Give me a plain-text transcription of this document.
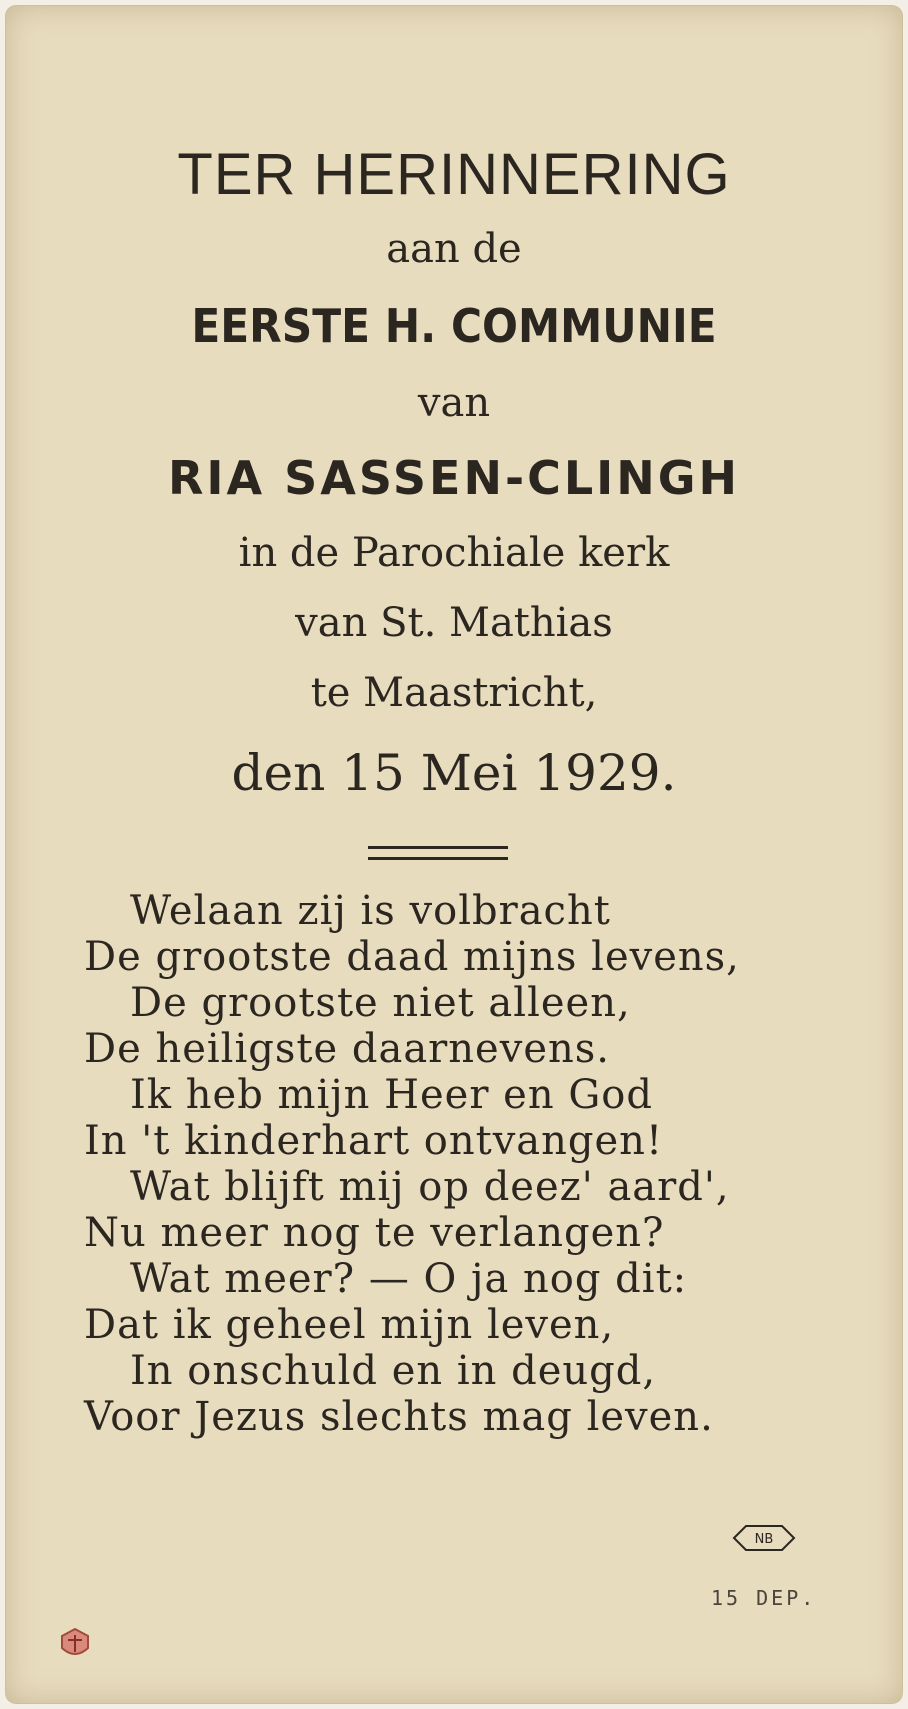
TER HERINNERING
aan de
EERSTE H. COMMUNIE
van
RIA SASSEN-CLINGH
in de Parochiale kerk
van St. Mathias
te Maastricht,
den 15 Mei 1929.
Welaan zij is volbracht
De grootste daad mijns levens,
De grootste niet alleen,
De heiligste daarnevens.
Ik heb mijn Heer en God
In 't kinderhart ontvangen!
Wat blijft mij op deez' aard',
Nu meer nog te verlangen?
Wat meer? — O ja nog dit:
Dat ik geheel mijn leven,
In onschuld en in deugd,
Voor Jezus slechts mag leven.
NB
15 DEP.
